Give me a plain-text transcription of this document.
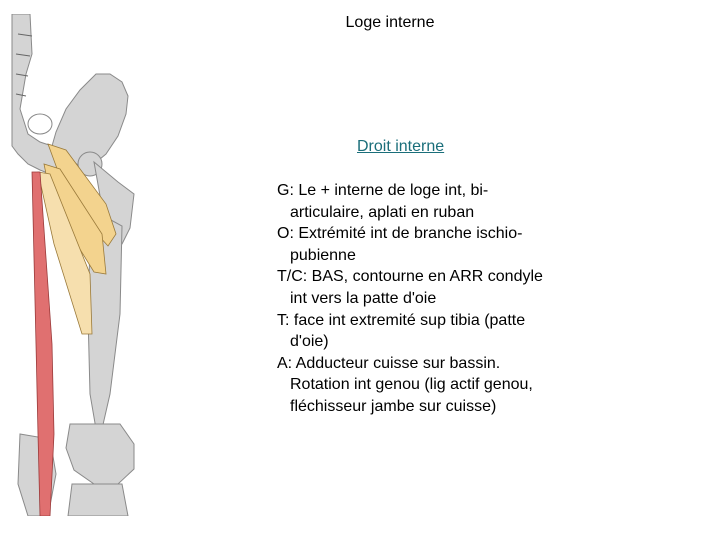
Loge interne
Droit interne

G: Le + interne de loge int, bi-articulaire, aplati en ruban

O: Extrémité int de branche ischio-pubienne

T/C: BAS, contourne en ARR condyle int vers la patte d'oie

T: face int extremité sup tibia (patte d'oie)

A: Adducteur cuisse sur bassin. Rotation int genou (lig actif genou, fléchisseur jambe sur cuisse)
